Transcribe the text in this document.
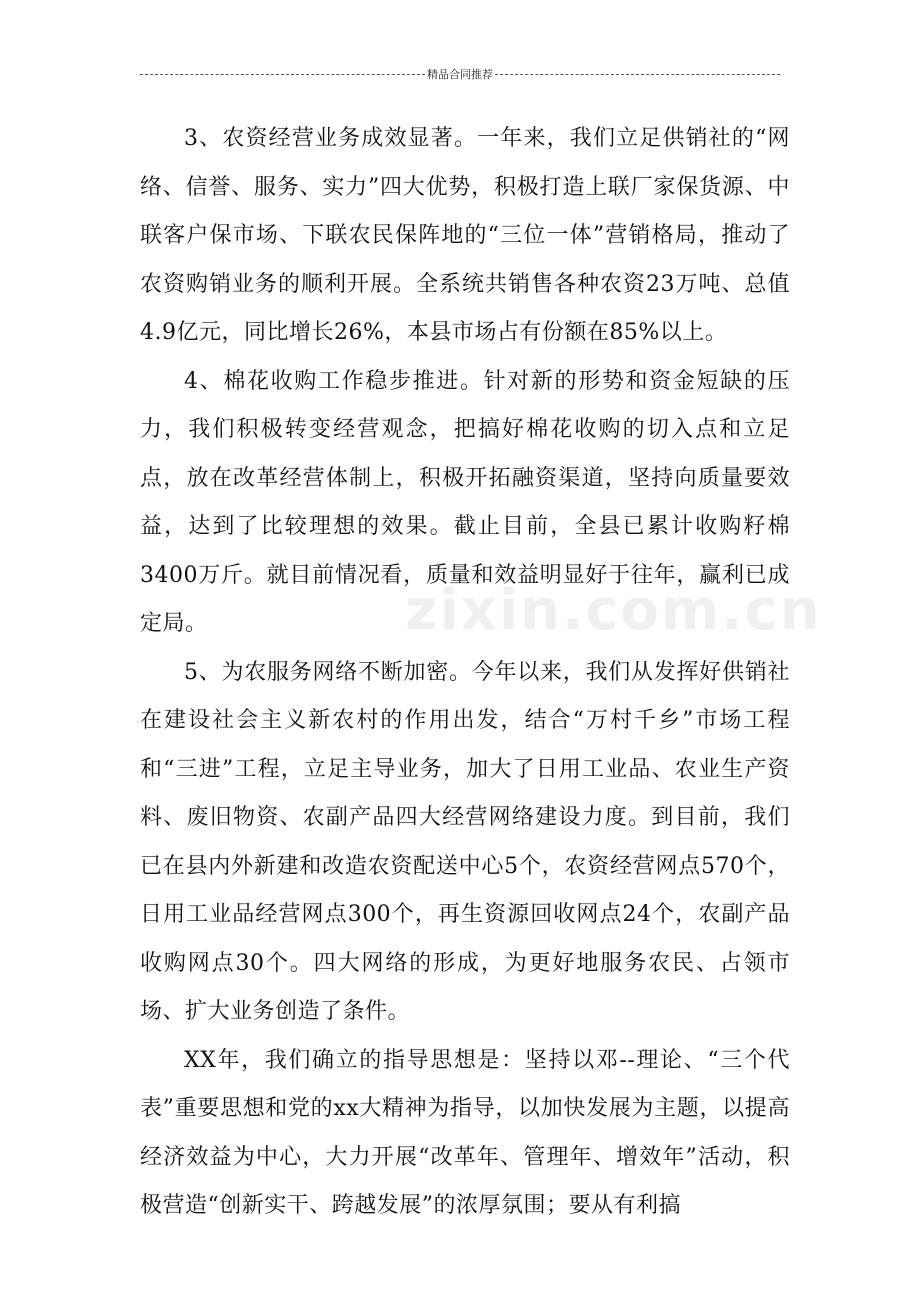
精品合同推荐
zixin.com.cn

3、农资经营业务成效显著。一年来，我们立足供销社的“网络、信誉、服务、实力”四大优势，积极打造上联厂家保货源、中联客户保市场、下联农民保阵地的“三位一体”营销格局，推动了农资购销业务的顺利开展。全系统共销售各种农资23万吨、总值4.9亿元，同比增长26%，本县市场占有份额在85%以上。

4、棉花收购工作稳步推进。针对新的形势和资金短缺的压力，我们积极转变经营观念，把搞好棉花收购的切入点和立足点，放在改革经营体制上，积极开拓融资渠道，坚持向质量要效益，达到了比较理想的效果。截止目前，全县已累计收购籽棉3400万斤。就目前情况看，质量和效益明显好于往年，赢利已成定局。

5、为农服务网络不断加密。今年以来，我们从发挥好供销社在建设社会主义新农村的作用出发，结合“万村千乡”市场工程和“三进”工程，立足主导业务，加大了日用工业品、农业生产资料、废旧物资、农副产品四大经营网络建设力度。到目前，我们已在县内外新建和改造农资配送中心5个，农资经营网点570个，日用工业品经营网点300个，再生资源回收网点24个，农副产品收购网点30个。四大网络的形成，为更好地服务农民、占领市场、扩大业务创造了条件。

XX年，我们确立的指导思想是：坚持以邓--理论、“三个代表”重要思想和党的xx大精神为指导，以加快发展为主题，以提高经济效益为中心，大力开展“改革年、管理年、增效年”活动，积极营造“创新实干、跨越发展”的浓厚氛围；要从有利搞
